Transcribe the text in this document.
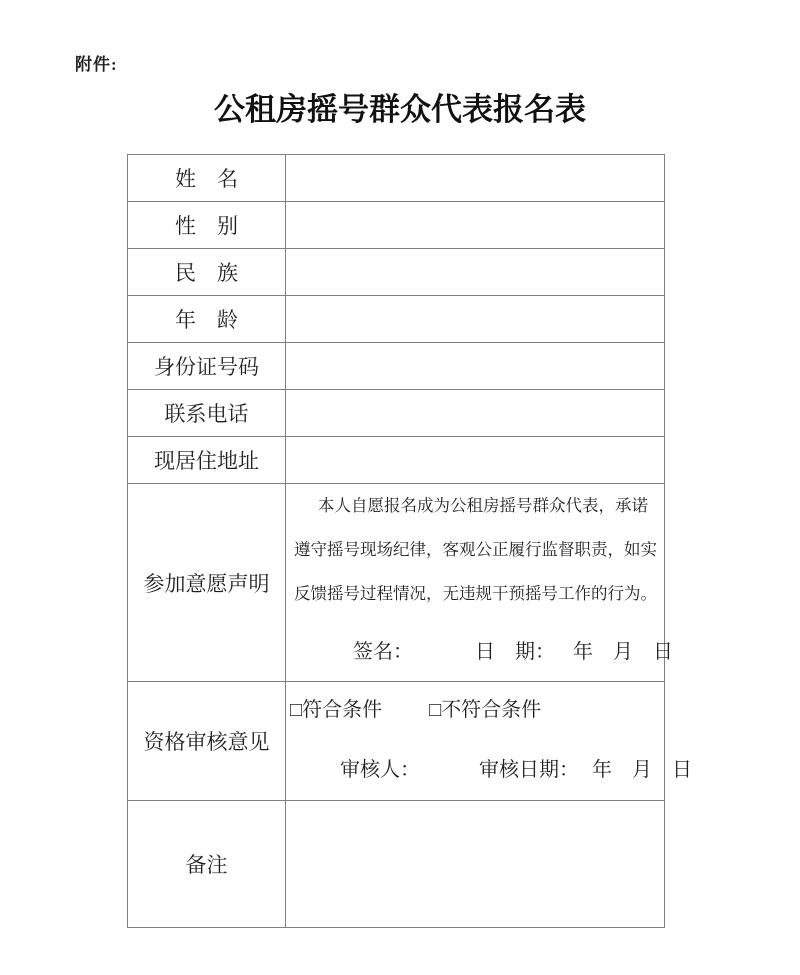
附件:
公租房摇号群众代表报名表
姓　名	
性　别	
民　族	
年　龄	
身份证号码	
联系电话	
现居住地址	
参加意愿声明	本人自愿报名成为公租房摇号群众代表，承诺
遵守摇号现场纪律，客观公正履行监督职责，如实
反馈摇号过程情况，无违规干预摇号工作的行为。
签名： 日　期： 年　月　日

资格审核意见	□符合条件 □不符合条件
审核人： 审核日期： 年　月　日

备注	
